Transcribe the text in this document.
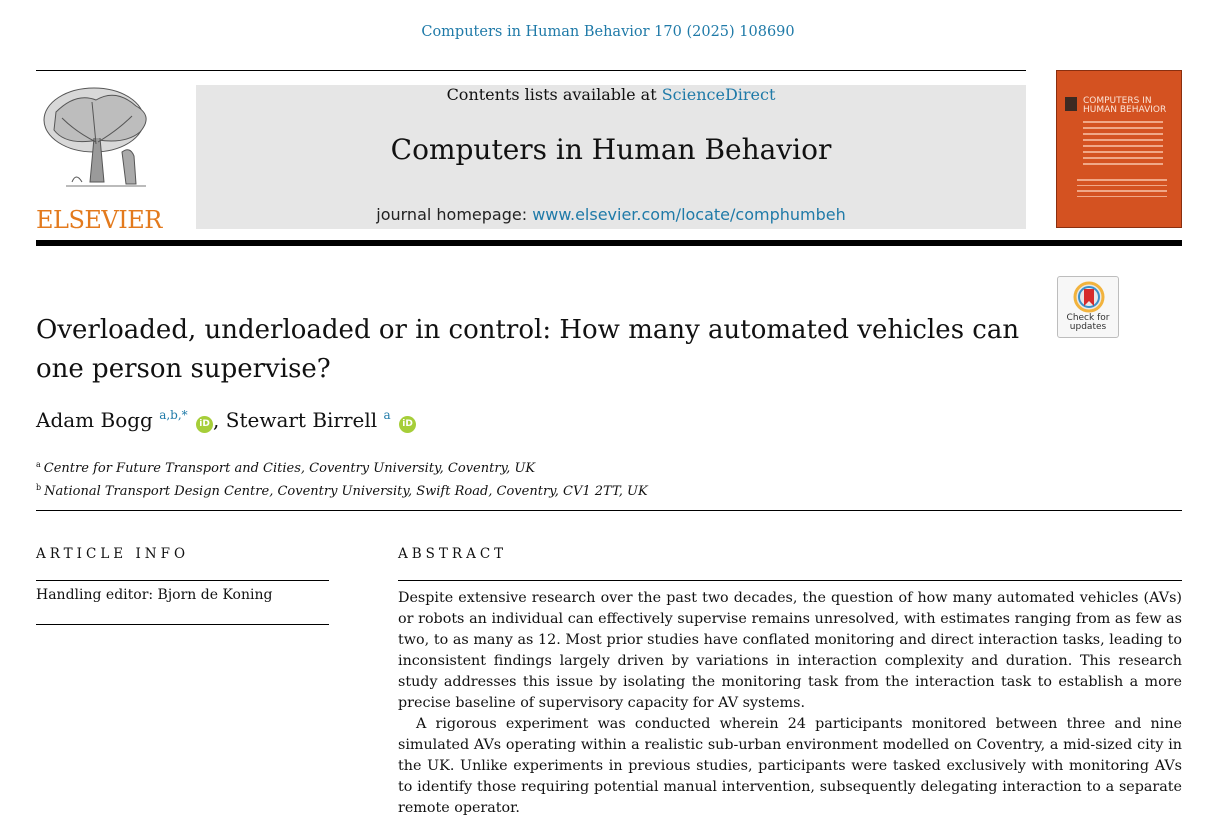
Computers in Human Behavior 170 (2025) 108690
ELSEVIER
Contents lists available at ScienceDirect
Computers in Human Behavior
journal homepage: www.elsevier.com/locate/comphumbeh
COMPUTERS IN
HUMAN BEHAVIOR
Check for
updates
Overloaded, underloaded or in control: How many automated vehicles can
one person supervise?
Adam Bogg $^{a,b,*}$ iD , Stewart Birrell $^a$ iD
$^a$ Centre for Future Transport and Cities, Coventry University, Coventry, UK
$^b$ National Transport Design Centre, Coventry University, Swift Road, Coventry, CV1 2TT, UK
ARTICLE INFO
Handling editor: Bjorn de Koning
ABSTRACT

Despite extensive research over the past two decades, the question of how many automated vehicles (AVs) or robots an individual can effectively supervise remains unresolved, with estimates ranging from as few as two, to as many as 12. Most prior studies have conflated monitoring and direct interaction tasks, leading to inconsistent findings largely driven by variations in interaction complexity and duration. This research study addresses this issue by isolating the monitoring task from the interaction task to establish a more precise baseline of supervisory capacity for AV systems.

A rigorous experiment was conducted wherein 24 participants monitored between three and nine simulated AVs operating within a realistic sub-urban environment modelled on Coventry, a mid-sized city in the UK. Unlike experiments in previous studies, participants were tasked exclusively with monitoring AVs to identify those requiring potential manual intervention, subsequently delegating interaction to a separate remote operator.
